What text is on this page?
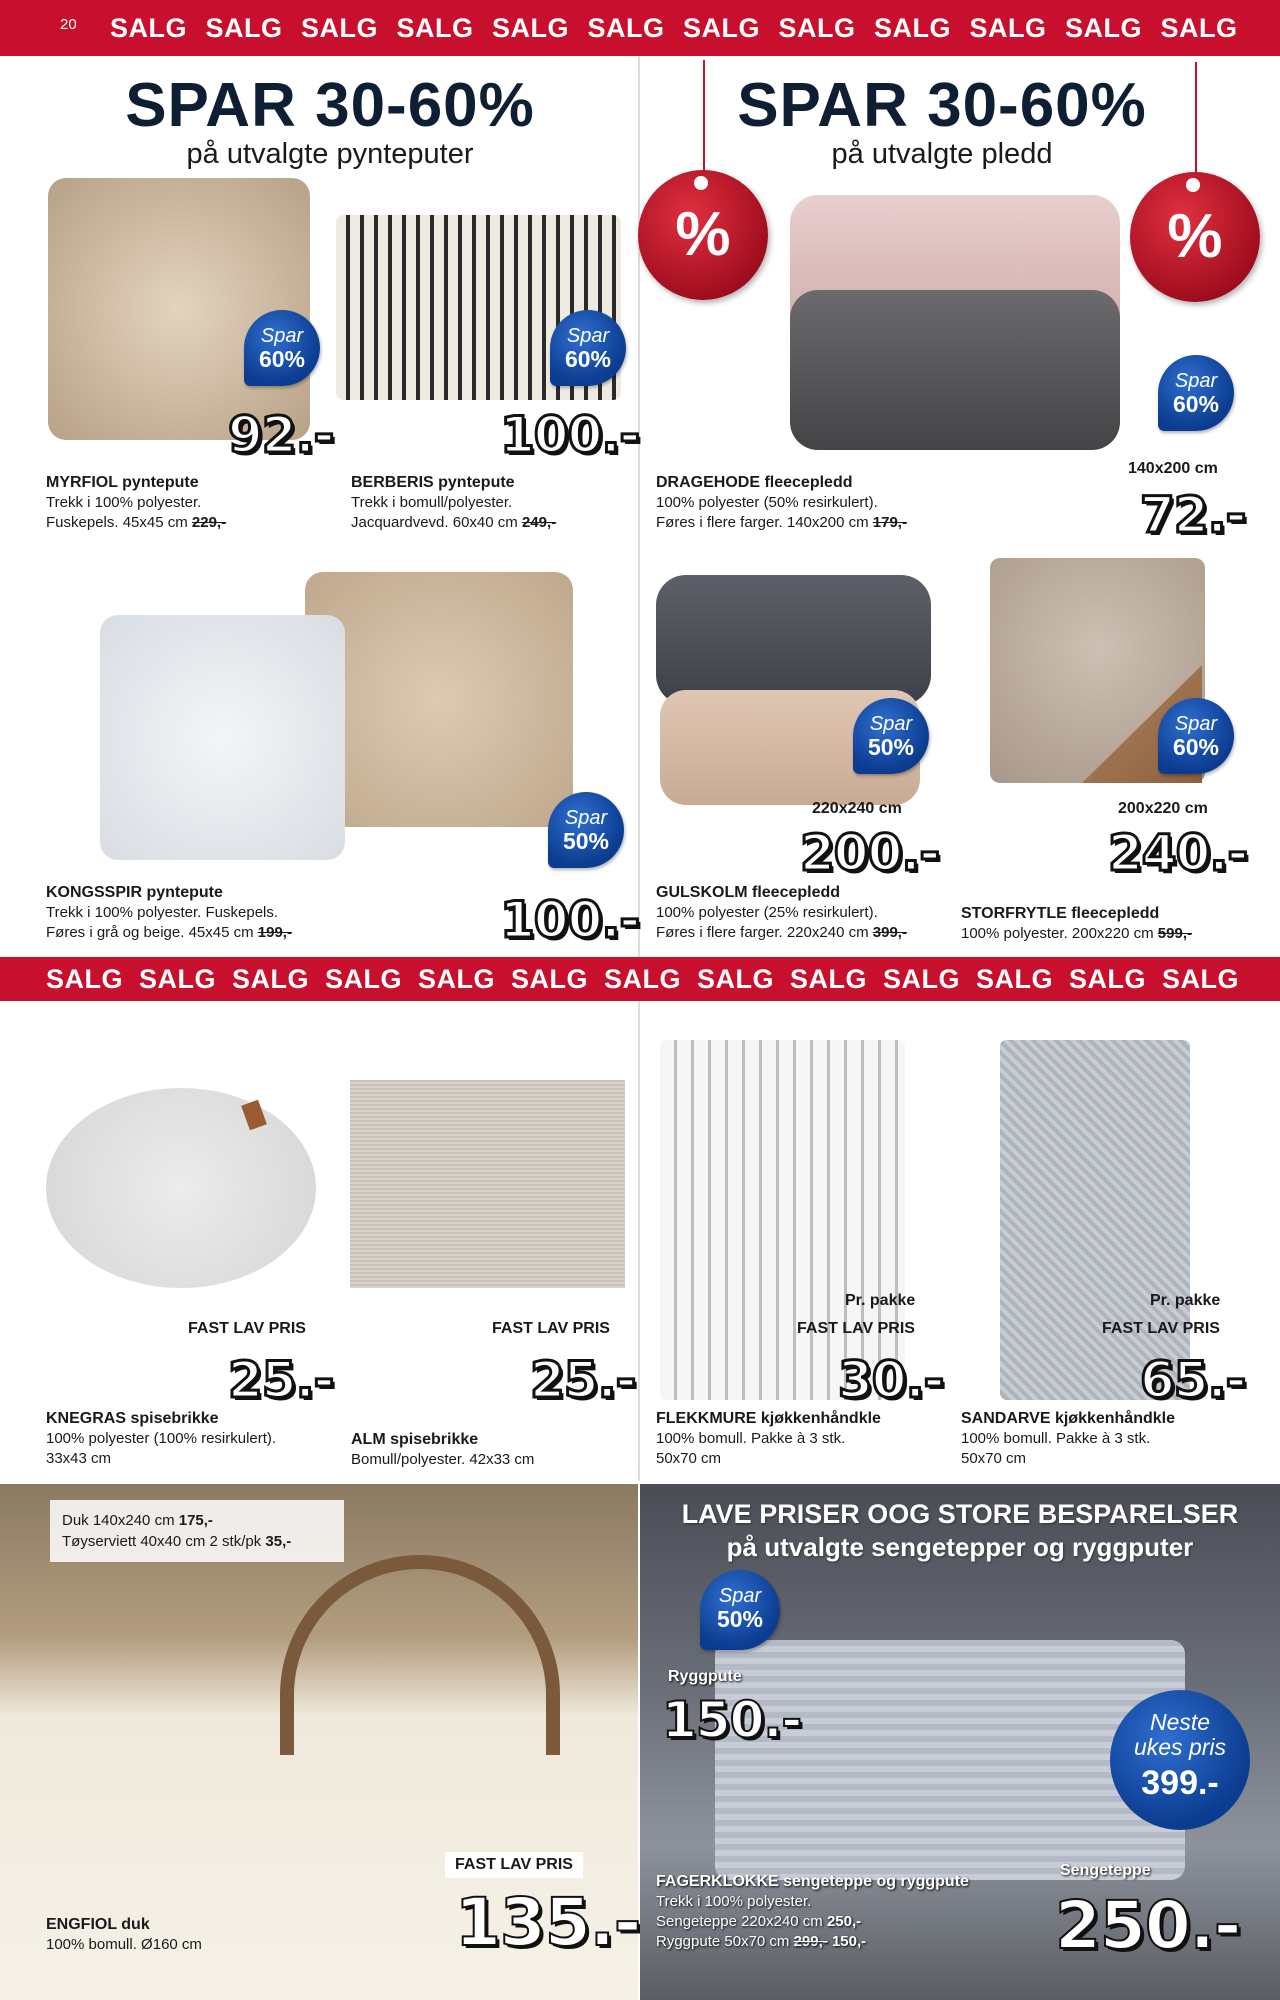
20 SALG SALG SALG SALG SALG SALG SALG SALG SALG SALG SALG SALG
SALG SALG SALG SALG SALG SALG SALG SALG SALG SALG SALG SALG SALG
SPAR 30-60%
på utvalgte pynteputer
SPAR 30-60%
på utvalgte pledd
%	%
Spar
60%
92.-
MYRFIOL pyntepute
Trekk i 100% polyester.
Fuskepels. 45x45 cm 229,-
Spar
60%
100.-
BERBERIS pyntepute
Trekk i bomull/polyester.
Jacquardvevd. 60x40 cm 249,-
Spar
60%
140x200 cm
72.-
DRAGEHODE fleecepledd
100% polyester (50% resirkulert).
Føres i flere farger. 140x200 cm 179,-
Spar
50%
100.-
KONGSSPIR pyntepute
Trekk i 100% polyester. Fuskepels.
Føres i grå og beige. 45x45 cm 199,-
Spar
50%
220x240 cm
200.-
GULSKOLM fleecepledd
100% polyester (25% resirkulert).
Føres i flere farger. 220x240 cm 399,-
Spar
60%
200x220 cm
240.-
STORFRYTLE fleecepledd
100% polyester. 200x220 cm 599,-
FAST LAV PRIS
25.-
KNEGRAS spisebrikke
100% polyester (100% resirkulert).
33x43 cm
FAST LAV PRIS
25.-
ALM spisebrikke
Bomull/polyester. 42x33 cm
Pr. pakke
FAST LAV PRIS
30.-
FLEKKMURE kjøkkenhåndkle
100% bomull. Pakke à 3 stk.
50x70 cm
Pr. pakke
FAST LAV PRIS
65.-
SANDARVE kjøkkenhåndkle
100% bomull. Pakke à 3 stk.
50x70 cm
Duk 140x240 cm 175,-
Tøyserviett 40x40 cm 2 stk/pk 35,-
FAST LAV PRIS
135.-
ENGFIOL duk
100% bomull. Ø160 cm
LAVE PRISER OOG STORE BESPARELSER
på utvalgte sengetepper og ryggputer
Spar
50%
Ryggpute
150.-	Neste
ukes pris
399.-
Sengeteppe
250.-
FAGERKLOKKE sengeteppe og ryggpute
Trekk i 100% polyester.
Sengeteppe 220x240 cm 250,-
Ryggpute 50x70 cm 299,- 150,-
